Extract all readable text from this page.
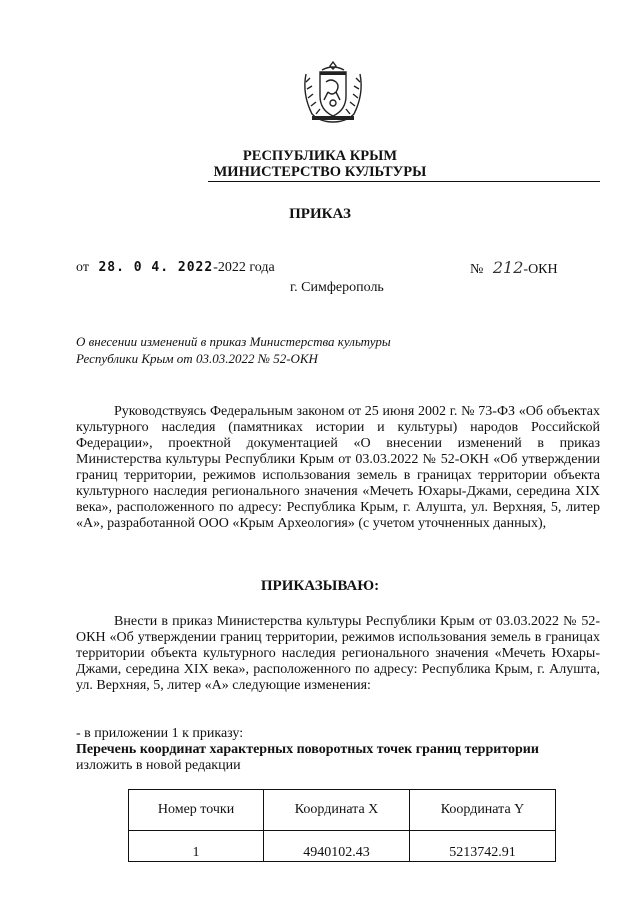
РЕСПУБЛИКА КРЫМ
МИНИСТЕРСТВО КУЛЬТУРЫ
ПРИКАЗ
от 28. 0 4. 2022-2022 года	№ 212-ОКН
г. Симферополь
О внесении изменений в приказ Министерства культуры
Республики Крым от 03.03.2022 № 52-ОКН
Руководствуясь Федеральным законом от 25 июня 2002 г. № 73-ФЗ «Об объектах культурного наследия (памятниках истории и культуры) народов Российской Федерации», проектной документацией «О внесении изменений в приказ Министерства культуры Республики Крым от 03.03.2022 № 52-ОКН «Об утверждении границ территории, режимов использования земель в границах территории объекта культурного наследия регионального значения «Мечеть Юхары-Джами, середина XIX века», расположенного по адресу: Республика Крым, г. Алушта, ул. Верхняя, 5, литер «А», разработанной ООО «Крым Археология» (с учетом уточненных данных),
ПРИКАЗЫВАЮ:
Внести в приказ Министерства культуры Республики Крым от 03.03.2022 № 52-ОКН «Об утверждении границ территории, режимов использования земель в границах территории объекта культурного наследия регионального значения «Мечеть Юхары-Джами, середина XIX века», расположенного по адресу: Республика Крым, г. Алушта, ул. Верхняя, 5, литер «А» следующие изменения:
- в приложении 1 к приказу:
Перечень координат характерных поворотных точек границ территории
изложить в новой редакции
Номер точки	Координата X	Координата Y
1	4940102.43	5213742.91
